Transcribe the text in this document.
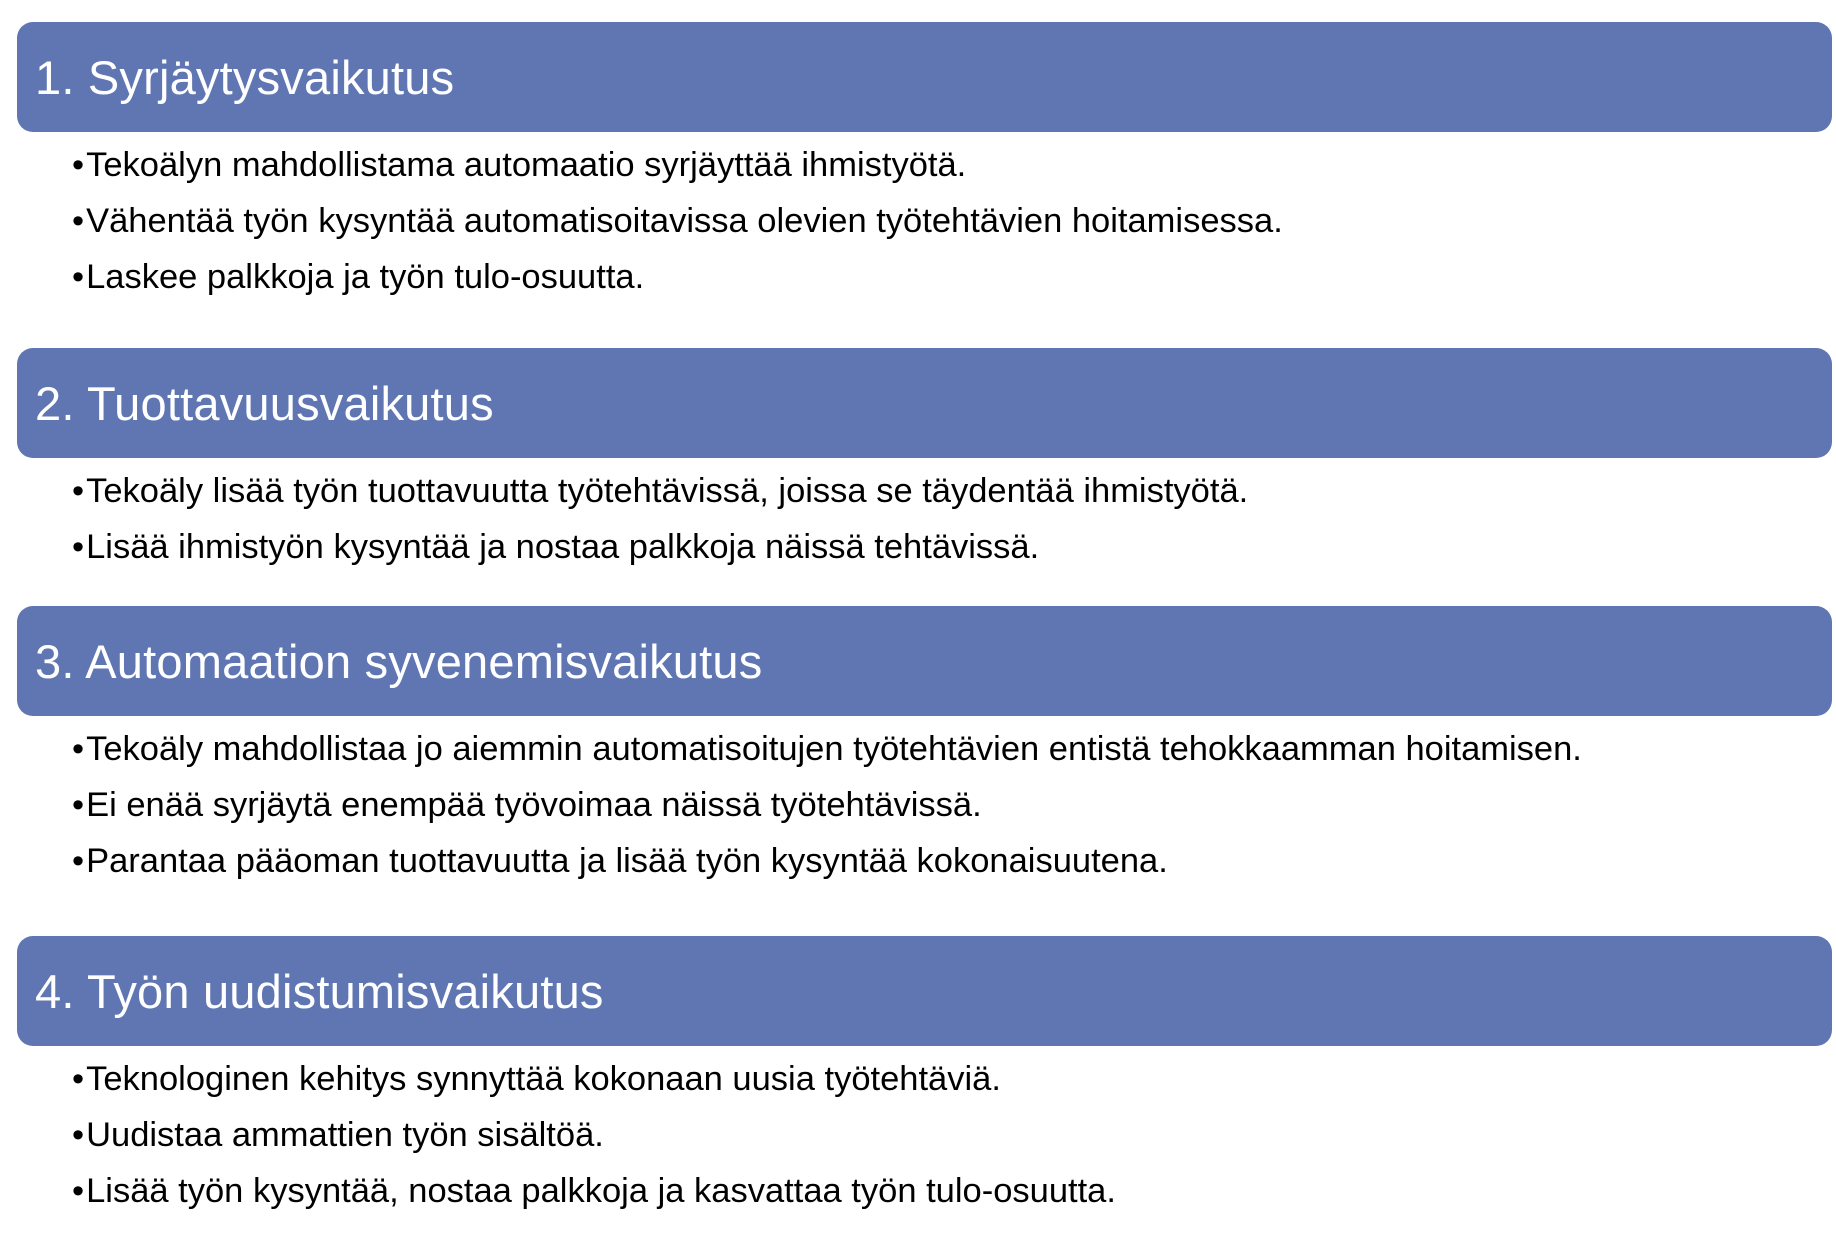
1. Syrjäytysvaikutus
•Tekoälyn mahdollistama automaatio syrjäyttää ihmistyötä.
•Vähentää työn kysyntää automatisoitavissa olevien työtehtävien hoitamisessa.
•Laskee palkkoja ja työn tulo-osuutta.
2. Tuottavuusvaikutus
•Tekoäly lisää työn tuottavuutta työtehtävissä, joissa se täydentää ihmistyötä.
•Lisää ihmistyön kysyntää ja nostaa palkkoja näissä tehtävissä.
3. Automaation syvenemisvaikutus
•Tekoäly mahdollistaa jo aiemmin automatisoitujen työtehtävien entistä tehokkaamman hoitamisen.
•Ei enää syrjäytä enempää työvoimaa näissä työtehtävissä.
•Parantaa pääoman tuottavuutta ja lisää työn kysyntää kokonaisuutena.
4. Työn uudistumisvaikutus
•Teknologinen kehitys synnyttää kokonaan uusia työtehtäviä.
•Uudistaa ammattien työn sisältöä.
•Lisää työn kysyntää, nostaa palkkoja ja kasvattaa työn tulo-osuutta.
